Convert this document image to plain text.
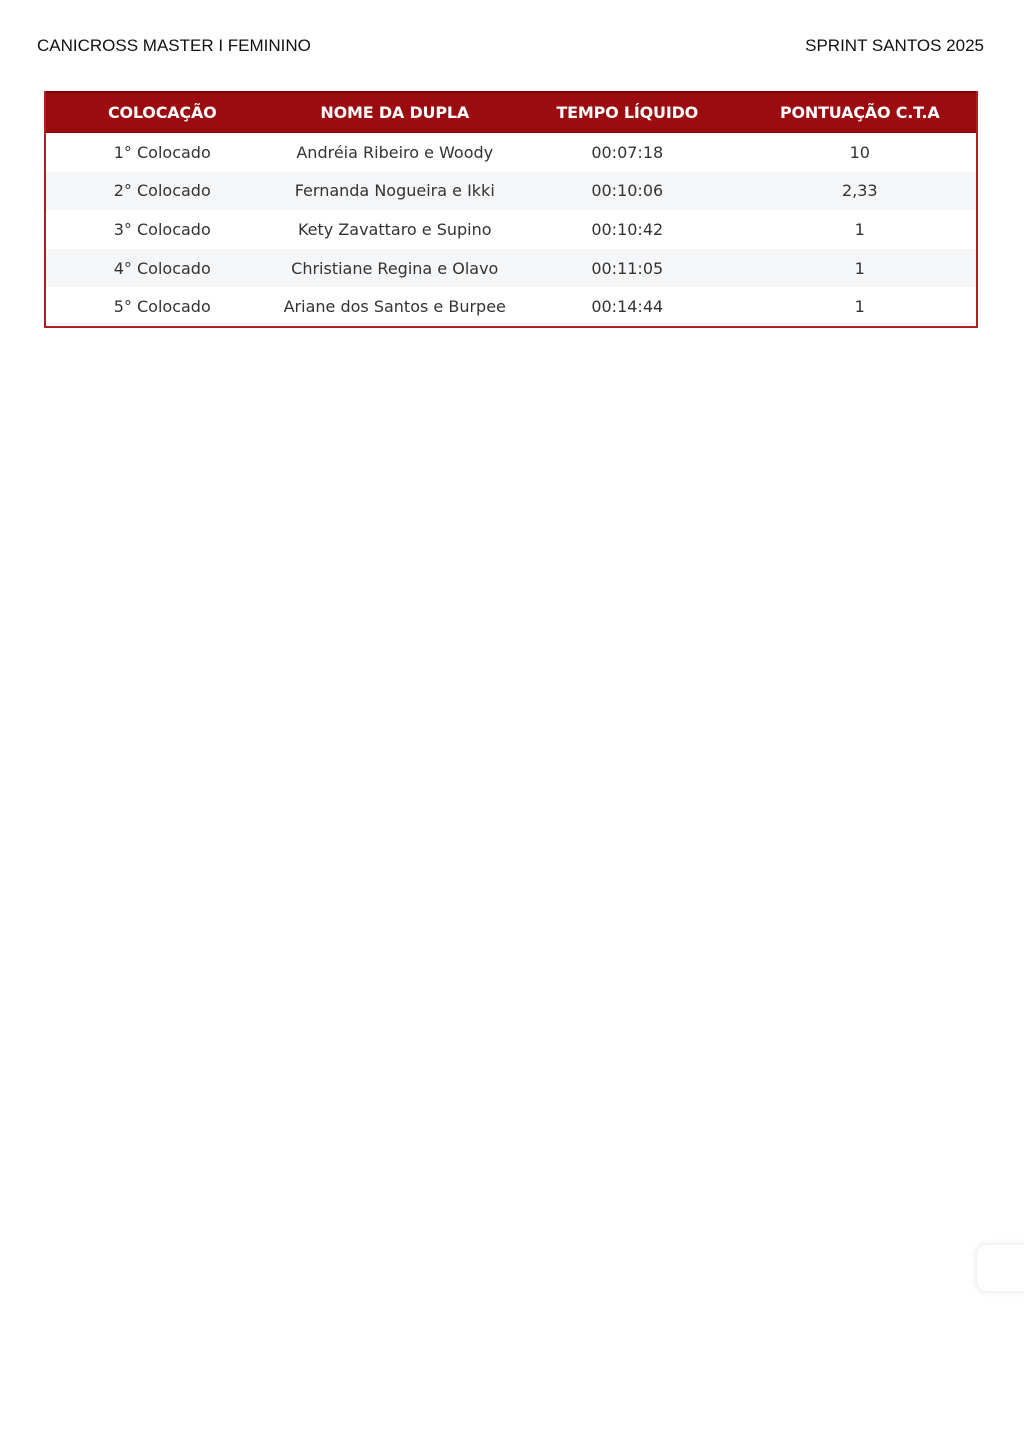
CANICROSS MASTER I FEMININO	SPRINT SANTOS 2025
COLOCAÇÃO	NOME DA DUPLA	TEMPO LÍQUIDO	PONTUAÇÃO C.T.A
1° Colocado	Andréia Ribeiro e Woody	00:07:18	10
2° Colocado	Fernanda Nogueira e Ikki	00:10:06	2,33
3° Colocado	Kety Zavattaro e Supino	00:10:42	1
4° Colocado	Christiane Regina e Olavo	00:11:05	1
5° Colocado	Ariane dos Santos e Burpee	00:14:44	1
